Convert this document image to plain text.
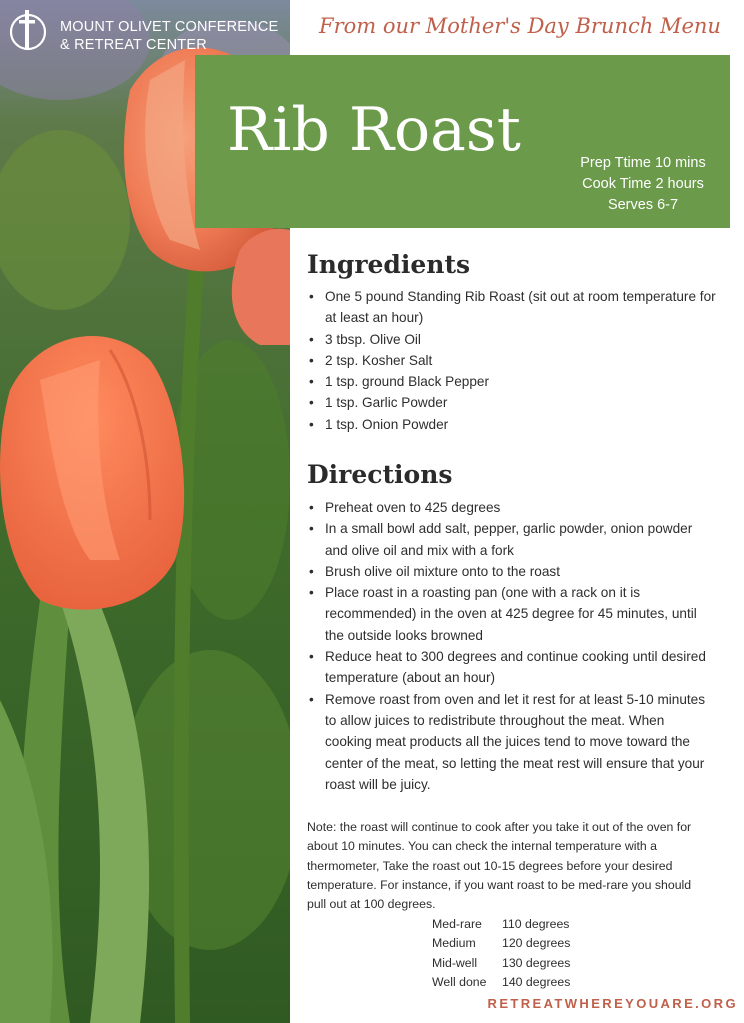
MOUNT OLIVET CONFERENCE
& RETREAT CENTER
From our Mother's Day Brunch Menu
Rib Roast	Prep Ttime 10 mins
Cook Time 2 hours
Serves 6-7
Ingredients
• One 5 pound Standing Rib Roast (sit out at room temperature for at least an hour)
• 3 tbsp. Olive Oil
• 2 tsp. Kosher Salt
• 1 tsp. ground Black Pepper
• 1 tsp. Garlic Powder
• 1 tsp. Onion Powder
Directions
• Preheat oven to 425 degrees
• In a small bowl add salt, pepper, garlic powder, onion powder and olive oil and mix with a fork
• Brush olive oil mixture onto to the roast
• Place roast in a roasting pan (one with a rack on it is recommended) in the oven at 425 degree for 45 minutes, until the outside looks browned
• Reduce heat to 300 degrees and continue cooking until desired temperature (about an hour)
• Remove roast from oven and let it rest for at least 5-10 minutes to allow juices to redistribute throughout the meat. When cooking meat products all the juices tend to move toward the center of the meat, so letting the meat rest will ensure that your roast will be juicy.
Note: the roast will continue to cook after you take it out of the oven for about 10 minutes. You can check the internal temperature with a thermometer, Take the roast out 10-15 degrees before your desired temperature. For instance, if you want roast to be med-rare you should pull out at 100 degrees.
Med-rare	110 degrees
Medium	120 degrees
Mid-well	130 degrees
Well done	140 degrees
RETREATWHEREYOUARE.ORG
